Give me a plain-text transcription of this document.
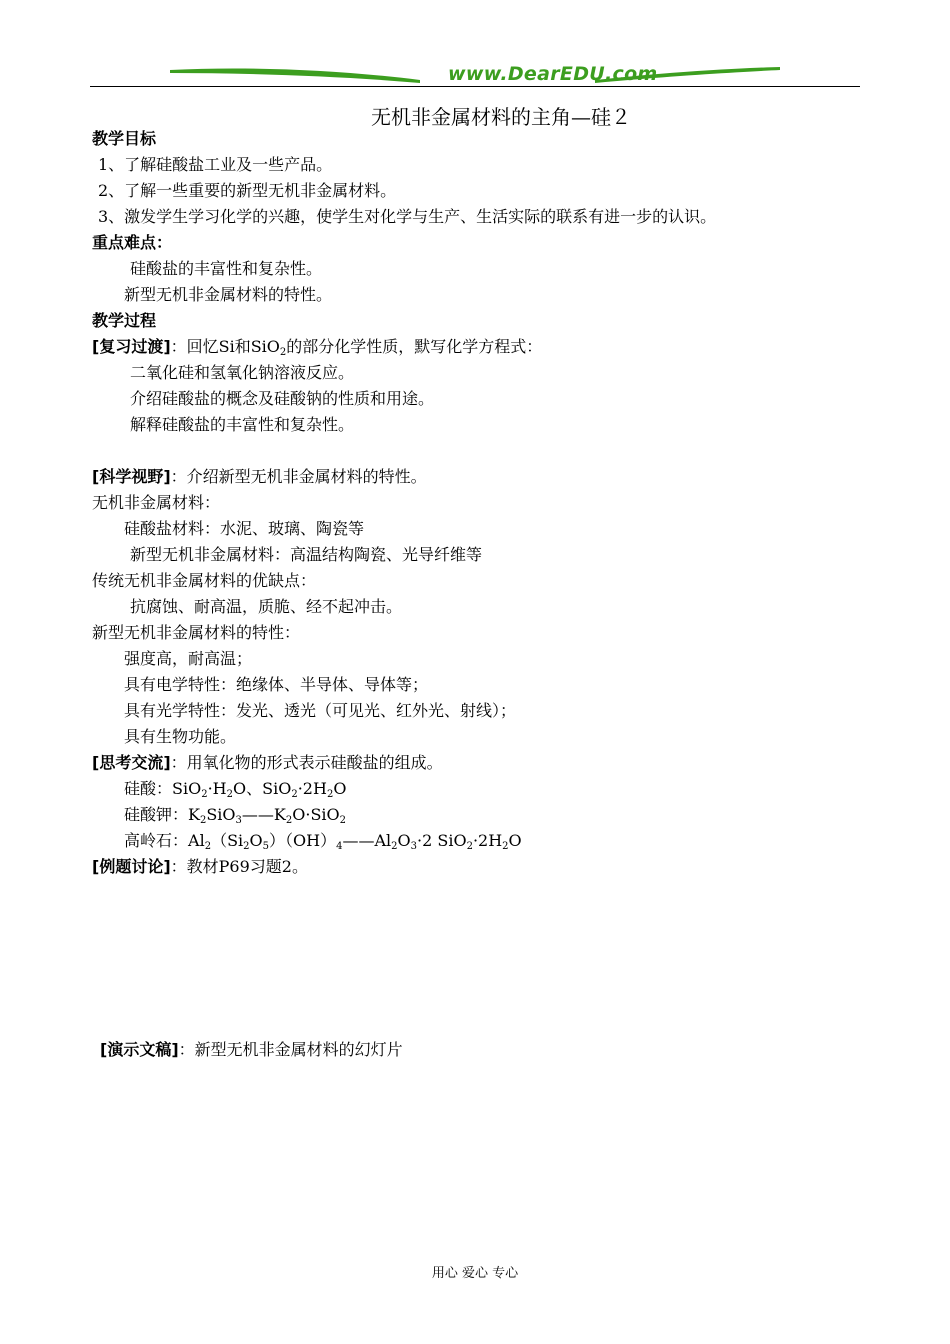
www.DearEDU.com
无机非金属材料的主角—硅２
教学目标
1、了解硅酸盐工业及一些产品。
2、了解一些重要的新型无机非金属材料。
3、激发学生学习化学的兴趣，使学生对化学与生产、生活实际的联系有进一步的认识。
重点难点：
硅酸盐的丰富性和复杂性。
新型无机非金属材料的特性。
教学过程
[复习过渡]：回忆Si和SiO$_2$的部分化学性质，默写化学方程式：
二氧化硅和氢氧化钠溶液反应。
介绍硅酸盐的概念及硅酸钠的性质和用途。
解释硅酸盐的丰富性和复杂性。
[科学视野]：介绍新型无机非金属材料的特性。
无机非金属材料：
硅酸盐材料：水泥、玻璃、陶瓷等
新型无机非金属材料：高温结构陶瓷、光导纤维等
传统无机非金属材料的优缺点：
抗腐蚀、耐高温，质脆、经不起冲击。
新型无机非金属材料的特性：
强度高，耐高温；
具有电学特性：绝缘体、半导体、导体等；
具有光学特性：发光、透光（可见光、红外光、射线）；
具有生物功能。
[思考交流]：用氧化物的形式表示硅酸盐的组成。
硅酸：$SiO_2\cdot H_2O$、$SiO_2\cdot 2H_2O$
硅酸钾：$K_2SiO_3——K_2O\cdot SiO_2$
高岭石：$Al_2(Si_2O_5)(OH)_4——Al_2O_3\cdot 2$ $SiO_2\cdot 2H_2O$
[例题讨论]：教材P69习题2。
[演示文稿]：新型无机非金属材料的幻灯片
用心 爱心 专心
